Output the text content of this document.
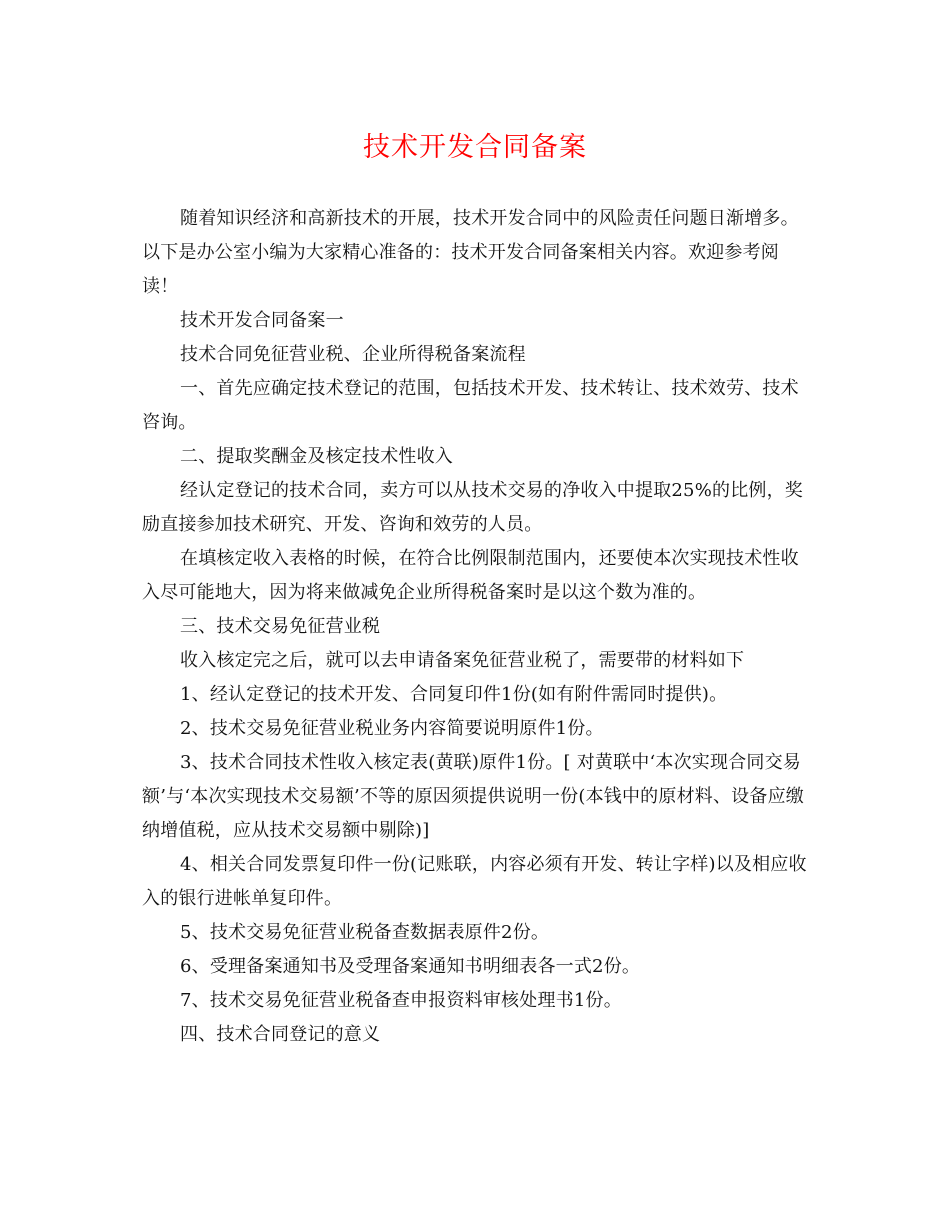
技术开发合同备案

随着知识经济和高新技术的开展，技术开发合同中的风险责任问题日渐增多。以下是办公室小编为大家精心准备的：技术开发合同备案相关内容。欢迎参考阅读！

技术开发合同备案一

技术合同免征营业税、企业所得税备案流程

一、首先应确定技术登记的范围，包括技术开发、技术转让、技术效劳、技术咨询。

二、提取奖酬金及核定技术性收入

经认定登记的技术合同，卖方可以从技术交易的净收入中提取25%的比例，奖励直接参加技术研究、开发、咨询和效劳的人员。

在填核定收入表格的时候，在符合比例限制范围内，还要使本次实现技术性收入尽可能地大，因为将来做减免企业所得税备案时是以这个数为准的。

三、技术交易免征营业税

收入核定完之后，就可以去申请备案免征营业税了，需要带的材料如下

1、经认定登记的技术开发、合同复印件1份(如有附件需同时提供)。

2、技术交易免征营业税业务内容简要说明原件1份。

3、技术合同技术性收入核定表(黄联)原件1份。[ 对黄联中‘本次实现合同交易额’与‘本次实现技术交易额’不等的原因须提供说明一份(本钱中的原材料、设备应缴纳增值税，应从技术交易额中剔除)]

4、相关合同发票复印件一份(记账联，内容必须有开发、转让字样)以及相应收入的银行进帐单复印件。

5、技术交易免征营业税备查数据表原件2份。

6、受理备案通知书及受理备案通知书明细表各一式2份。

7、技术交易免征营业税备查申报资料审核处理书1份。

四、技术合同登记的意义
